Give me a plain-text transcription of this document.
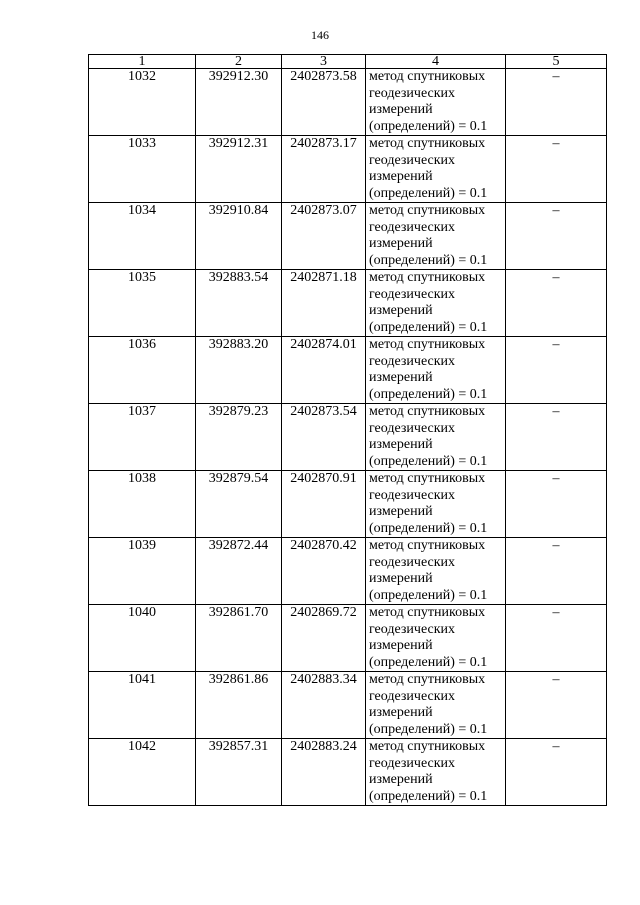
146
1	2	3	4	5
1032	392912.30	2402873.58	метод спутниковых
геодезических
измерений
(определений) = 0.1	–
1033	392912.31	2402873.17	метод спутниковых
геодезических
измерений
(определений) = 0.1	–
1034	392910.84	2402873.07	метод спутниковых
геодезических
измерений
(определений) = 0.1	–
1035	392883.54	2402871.18	метод спутниковых
геодезических
измерений
(определений) = 0.1	–
1036	392883.20	2402874.01	метод спутниковых
геодезических
измерений
(определений) = 0.1	–
1037	392879.23	2402873.54	метод спутниковых
геодезических
измерений
(определений) = 0.1	–
1038	392879.54	2402870.91	метод спутниковых
геодезических
измерений
(определений) = 0.1	–
1039	392872.44	2402870.42	метод спутниковых
геодезических
измерений
(определений) = 0.1	–
1040	392861.70	2402869.72	метод спутниковых
геодезических
измерений
(определений) = 0.1	–
1041	392861.86	2402883.34	метод спутниковых
геодезических
измерений
(определений) = 0.1	–
1042	392857.31	2402883.24	метод спутниковых
геодезических
измерений
(определений) = 0.1	–
